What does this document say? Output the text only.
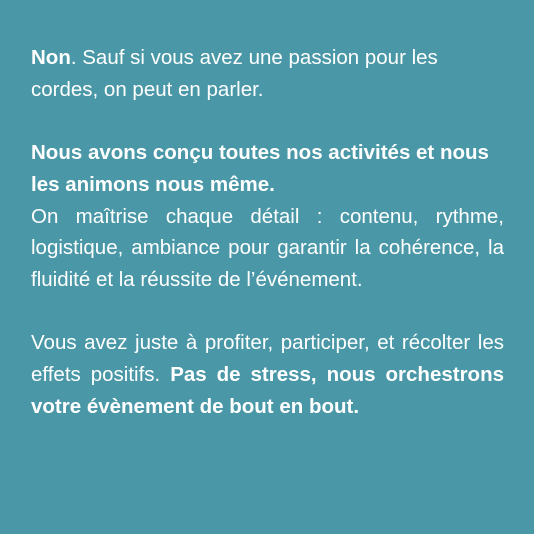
Non. Sauf si vous avez une passion pour les cordes, on peut en parler.

Nous avons conçu toutes nos activités et nous les animons nous même.
On maîtrise chaque détail : contenu, rythme, logistique, ambiance pour garantir la cohérence, la fluidité et la réussite de l’événement.

Vous avez juste à profiter, participer, et récolter les effets positifs. Pas de stress, nous orchestrons votre évènement de bout en bout.
